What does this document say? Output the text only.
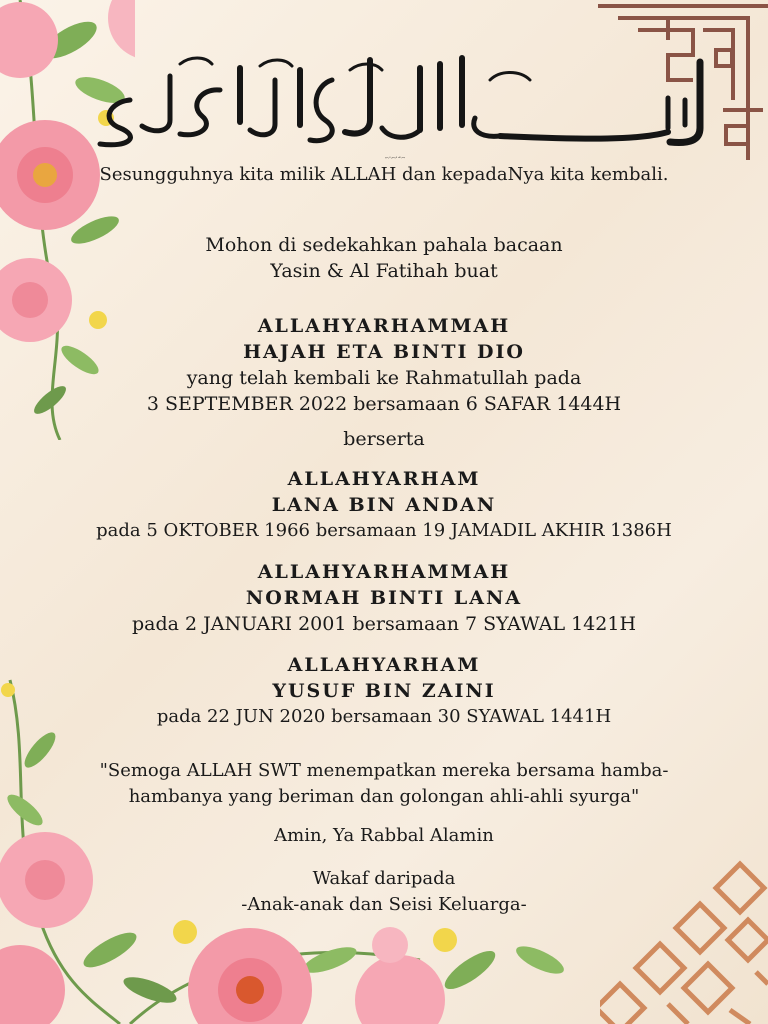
بسم الله الرحمن الرحيم

Sesungguhnya kita milik ALLAH dan kepadaNya kita kembali.

Mohon di sedekahkan pahala bacaan

Yasin & Al Fatihah buat

ALLAHYARHAMMAH

HAJAH ETA BINTI DIO

yang telah kembali ke Rahmatullah pada

3 SEPTEMBER 2022 bersamaan 6 SAFAR 1444H

berserta

ALLAHYARHAM

LANA BIN ANDAN

pada 5 OKTOBER 1966 bersamaan 19 JAMADIL AKHIR 1386H

ALLAHYARHAMMAH

NORMAH BINTI LANA

pada 2 JANUARI 2001 bersamaan 7 SYAWAL 1421H

ALLAHYARHAM

YUSUF BIN ZAINI

pada 22 JUN 2020 bersamaan 30 SYAWAL 1441H

"Semoga ALLAH SWT menempatkan mereka bersama hamba-

hambanya yang beriman dan golongan ahli-ahli syurga"

Amin, Ya Rabbal Alamin

Wakaf daripada

-Anak-anak dan Seisi Keluarga-
